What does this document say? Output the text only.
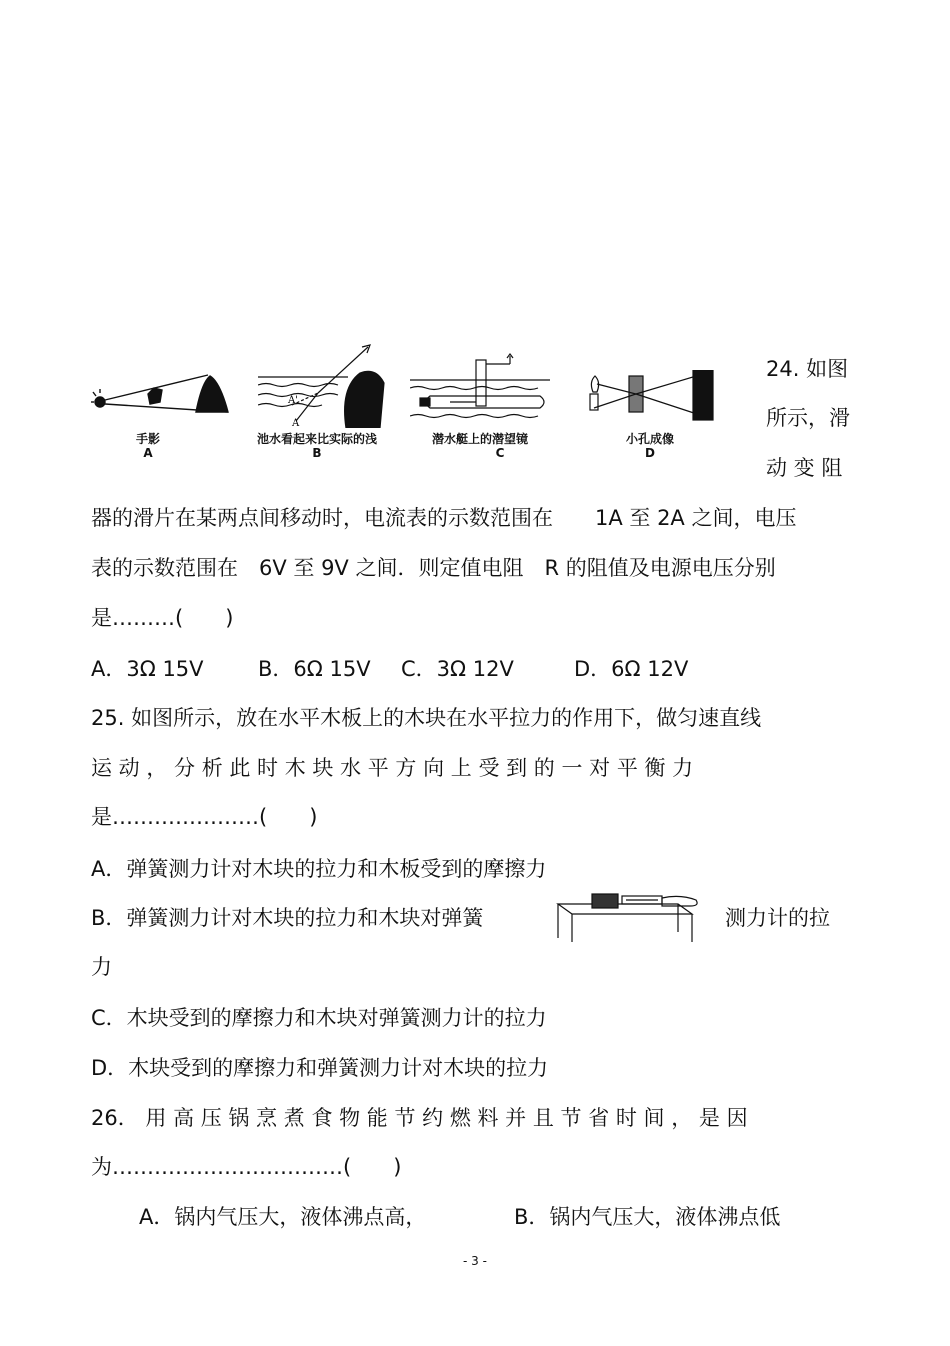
手影
A
A'
A
池水看起来比实际的浅
B
潜水艇上的潜望镜
C
小孔成像
D
24. 如图
所示，滑
动 变 阻
器的滑片在某两点间移动时，电流表的示数范围在　　1A 至 2A 之间，电压
表的示数范围在　6V 至 9V 之间．则定值电阻　R 的阻值及电源电压分别
是………(　　)
A．3Ω 15V	B．6Ω 15V C．3Ω 12V	D．6Ω 12V
25. 如图所示，放在水平木板上的木块在水平拉力的作用下，做匀速直线
运 动 ， 分 析 此 时 木 块 水 平 方 向 上 受 到 的 一 对 平 衡 力
是…………………(　　)
A．弹簧测力计对木块的拉力和木板受到的摩擦力
B．弹簧测力计对木块的拉力和木块对弹簧	测力计的拉
力
C．木块受到的摩擦力和木块对弹簧测力计的拉力
D．木块受到的摩擦力和弹簧测力计对木块的拉力
26． 用 高 压 锅 烹 煮 食 物 能 节 约 燃 料 并 且 节 省 时 间 ， 是 因
为……………………………(　　)
A．锅内气压大，液体沸点高，	B．锅内气压大，液体沸点低
- 3 -
